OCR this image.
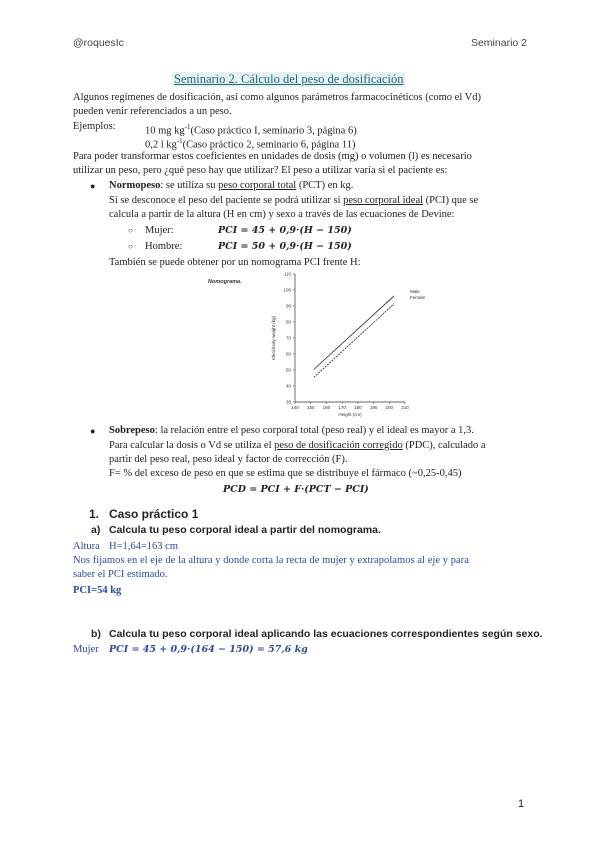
@roquesIc	Seminario 2
Seminario 2. Cálculo del peso de dosificación
Algunos regímenes de dosificación, así como algunos parámetros farmacocinéticos (como el Vd)
pueden venir referenciados a un peso.
Ejemplos:	10 mg $kg^{-1}(Caso$ práctico I, seminario 3, página 6)
0,2 l $kg^{-1}(Caso$ práctico 2, seminario 6, página 11)
Para poder transformar estos coeficientes en unidades de dosis (mg) o volumen (l) es necesario
utilizar un peso, pero ¿qué peso hay que utilizar? El peso a utilizar varía si el paciente es:
● Normopeso: se utiliza su peso corporal total (PCT) en kg.
Si se desconoce el peso del paciente se podrá utilizar si peso corporal ideal (PCI) que se
calcula a partir de la altura (H en cm) y sexo a través de las ecuaciones de Devine:
○ Mujer:	PCI = 45 + 0,9·(H − 150)
○ Hombre:	PCI = 50 + 0,9·(H − 150)
También se puede obtener por un nomograma PCI frente H:
Nomograma.
30
40
50
60
70
80
90
100
110
140 150 160 170 180 190 200 210
Ideal body weight (kg)
Height (cm)
Male
Female
● Sobrepeso: la relación entre el peso corporal total (peso real) y el ideal es mayor a 1,3.
Para calcular la dosis o Vd se utiliza el peso de dosificación corregido (PDC), calculado a
partir del peso real, peso ideal y factor de corrección (F).
F= % del exceso de peso en que se estima que se distribuye el fármaco (~0,25-0,45)
PCD = PCI + F·(PCT − PCI)
1. Caso práctico 1
a) Calcula tu peso corporal ideal a partir del nomograma.
Altura H=1,64=163 cm
Nos fijamos en el eje de la altura y donde corta la recta de mujer y extrapolamos al eje y para
saber el PCI estimado.
PCI=54 kg
b) Calcula tu peso corporal ideal aplicando las ecuaciones correspondientes según sexo.
Mujer PCI = 45 + 0,9·(164 − 150) = 57,6 kg
1
